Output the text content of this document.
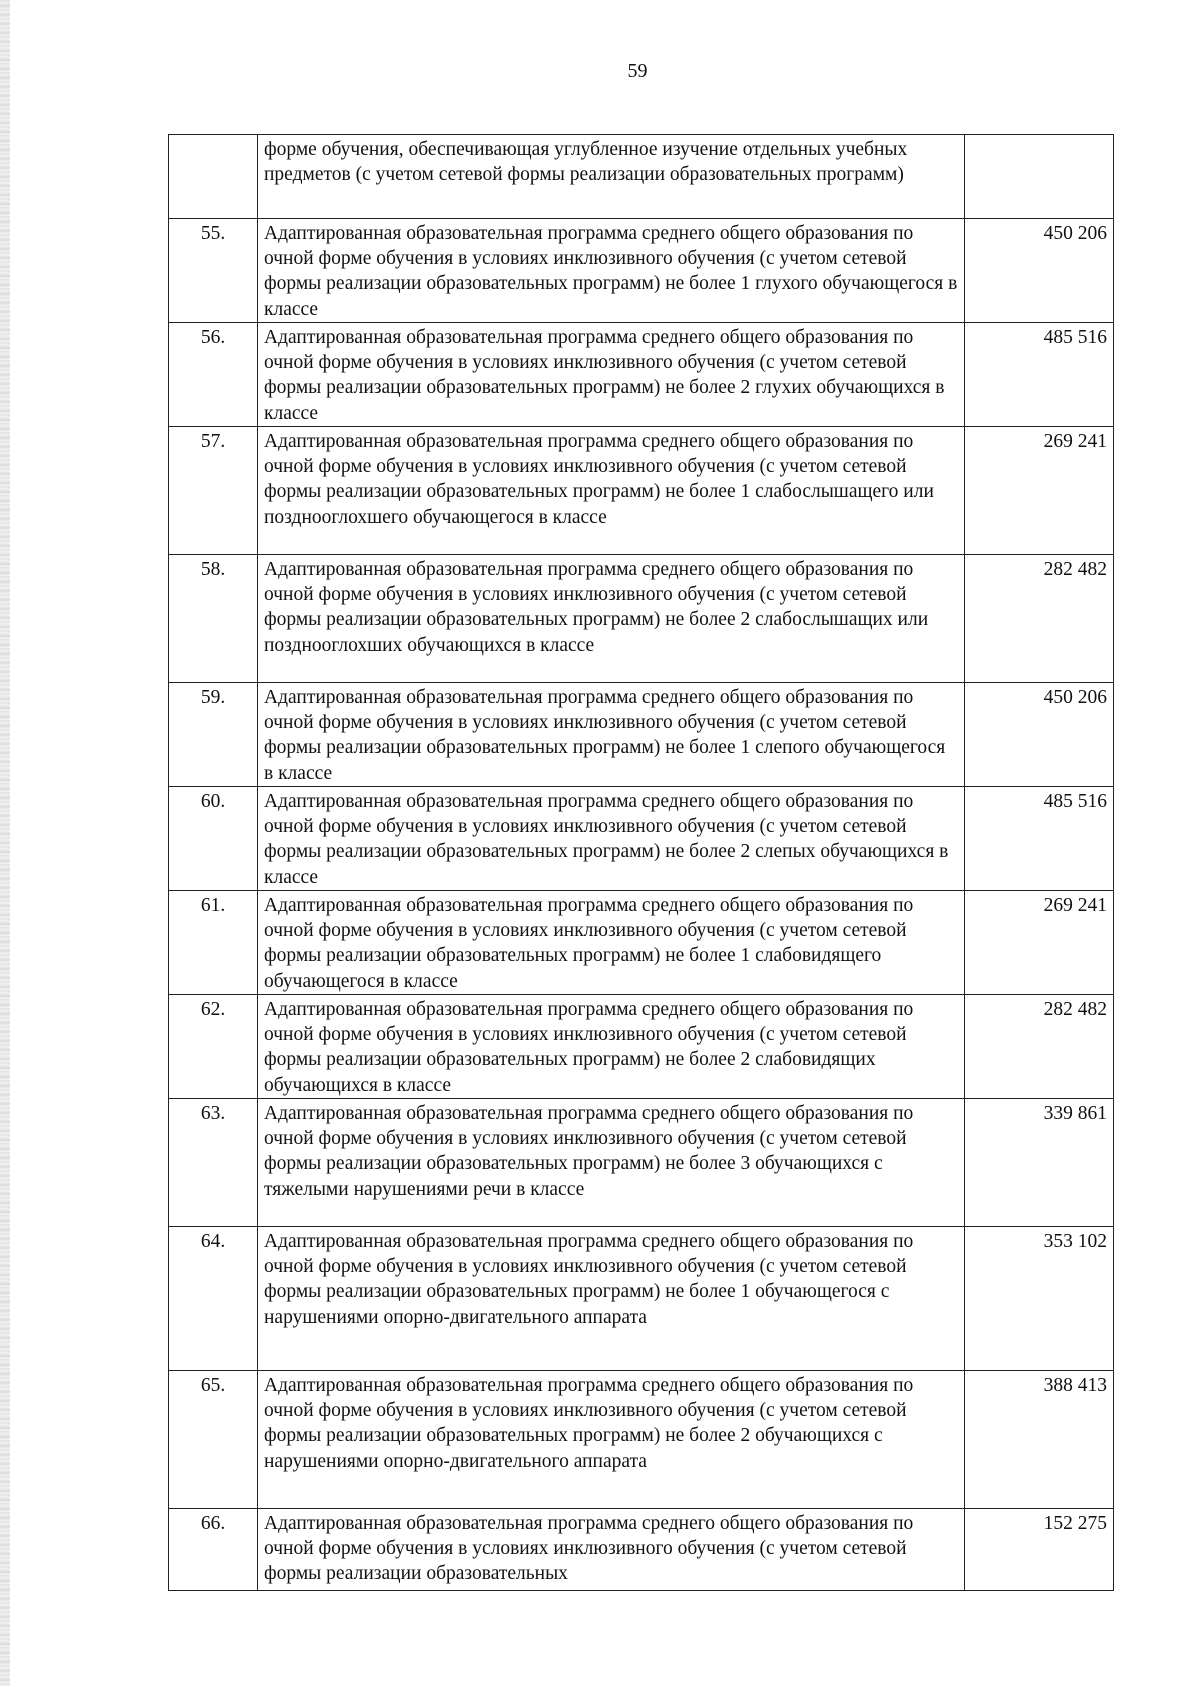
59
	форме обучения, обеспечивающая углубленное изучение отдельных учебных предметов (с учетом сетевой формы реализации образовательных программ)	
55.	Адаптированная образовательная программа среднего общего образования по очной форме обучения в условиях инклюзивного обучения (с учетом сетевой формы реализации образовательных программ) не более 1 глухого обучающегося в классе	450 206
56.	Адаптированная образовательная программа среднего общего образования по очной форме обучения в условиях инклюзивного обучения (с учетом сетевой формы реализации образовательных программ) не более 2 глухих обучающихся в классе	485 516
57.	Адаптированная образовательная программа среднего общего образования по очной форме обучения в условиях инклюзивного обучения (с учетом сетевой формы реализации образовательных программ) не более 1 слабослышащего или позднооглохшего обучающегося в классе	269 241
58.	Адаптированная образовательная программа среднего общего образования по очной форме обучения в условиях инклюзивного обучения (с учетом сетевой формы реализации образовательных программ) не более 2 слабослышащих или позднооглохших обучающихся в классе	282 482
59.	Адаптированная образовательная программа среднего общего образования по очной форме обучения в условиях инклюзивного обучения (с учетом сетевой формы реализации образовательных программ) не более 1 слепого обучающегося в классе	450 206
60.	Адаптированная образовательная программа среднего общего образования по очной форме обучения в условиях инклюзивного обучения (с учетом сетевой формы реализации образовательных программ) не более 2 слепых обучающихся в классе	485 516
61.	Адаптированная образовательная программа среднего общего образования по очной форме обучения в условиях инклюзивного обучения (с учетом сетевой формы реализации образовательных программ) не более 1 слабовидящего обучающегося в классе	269 241
62.	Адаптированная образовательная программа среднего общего образования по очной форме обучения в условиях инклюзивного обучения (с учетом сетевой формы реализации образовательных программ) не более 2 слабовидящих обучающихся в классе	282 482
63.	Адаптированная образовательная программа среднего общего образования по очной форме обучения в условиях инклюзивного обучения (с учетом сетевой формы реализации образовательных программ) не более 3 обучающихся с тяжелыми нарушениями речи в классе	339 861
64.	Адаптированная образовательная программа среднего общего образования по очной форме обучения в условиях инклюзивного обучения (с учетом сетевой формы реализации образовательных программ) не более 1 обучающегося с нарушениями опорно-двигательного аппарата	353 102
65.	Адаптированная образовательная программа среднего общего образования по очной форме обучения в условиях инклюзивного обучения (с учетом сетевой формы реализации образовательных программ) не более 2 обучающихся с нарушениями опорно-двигательного аппарата	388 413
66.	Адаптированная образовательная программа среднего общего образования по очной форме обучения в условиях инклюзивного обучения (с учетом сетевой формы реализации образовательных	152 275
